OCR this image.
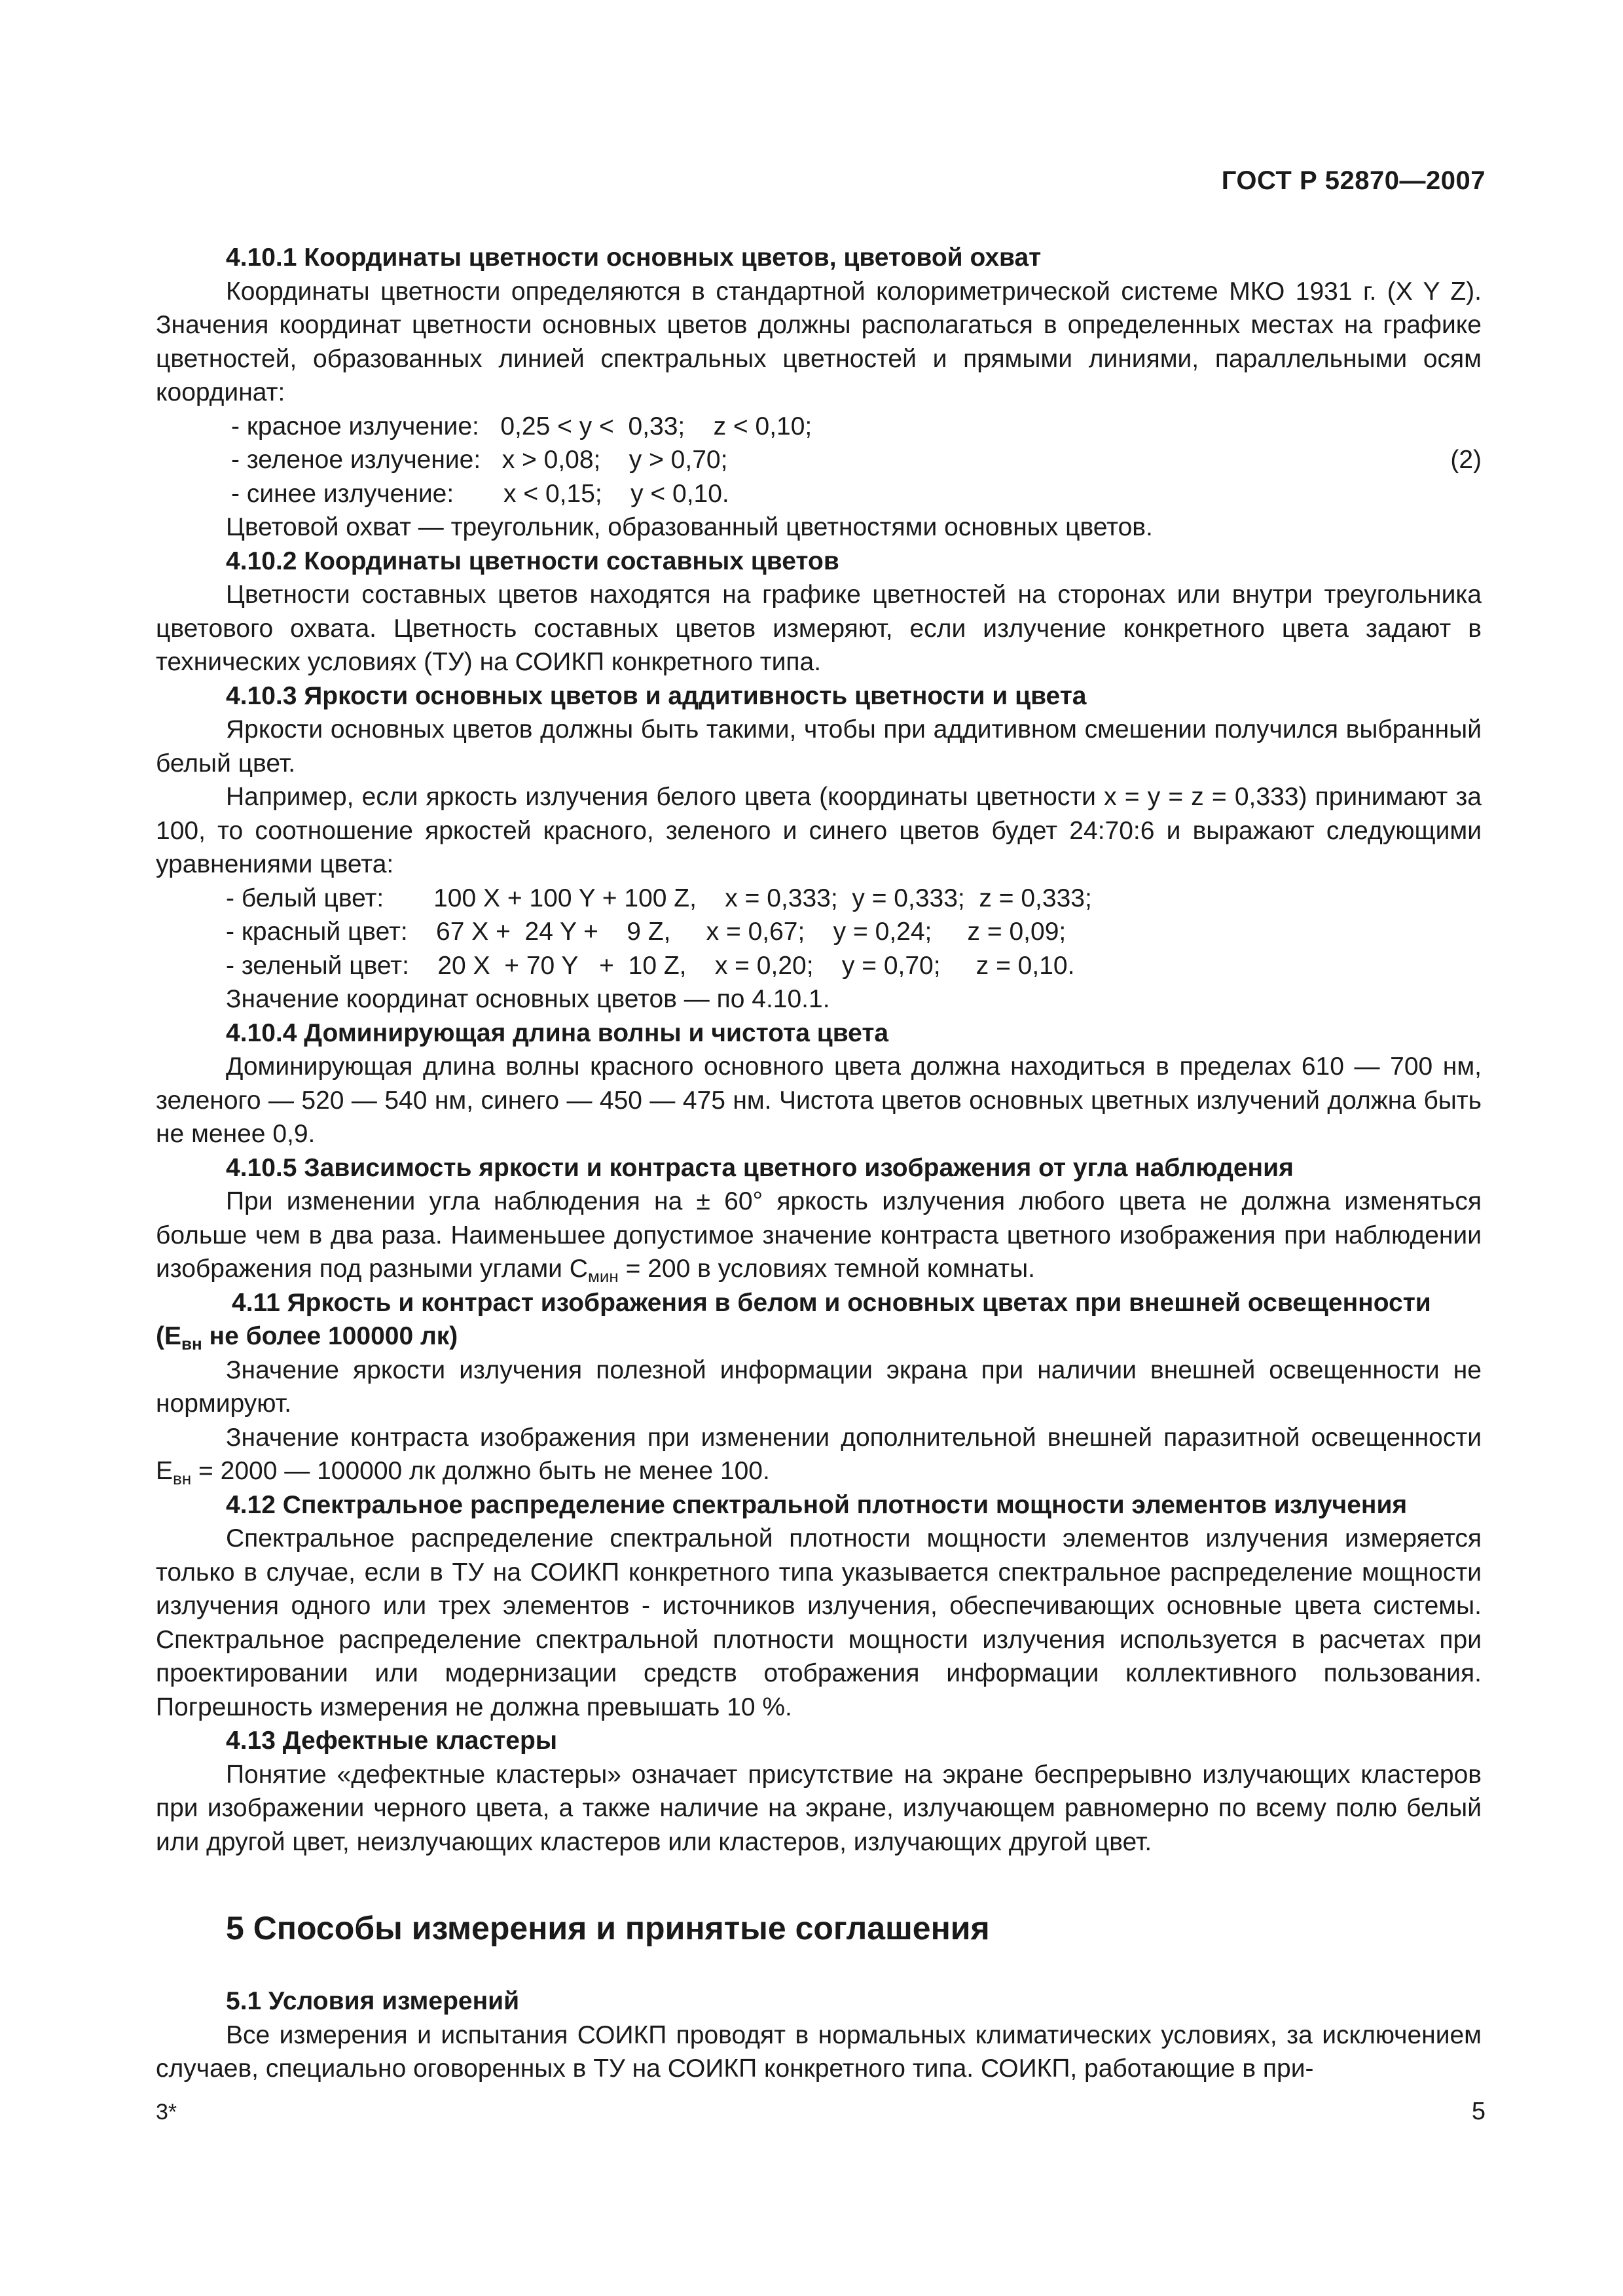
ГОСТ Р 52870—2007

4.10.1 Координаты цветности основных цветов, цветовой охват

Координаты цветности определяются в стандартной колориметрической системе МКО 1931 г. (X Y Z). Значения координат цветности основных цветов должны располагаться в определенных местах на графике цветностей, образованных линией спектральных цветностей и прямыми линиями, параллельными осям координат:

- красное излучение:   0,25 < y <  0,33;    z < 0,10;

- зеленое излучение:   x > 0,08;    y > 0,70;	(2)

- синее излучение:       x < 0,15;    y < 0,10.

Цветовой охват — треугольник, образованный цветностями основных цветов.

4.10.2 Координаты цветности составных цветов

Цветности составных цветов находятся на графике цветностей на сторонах или внутри треугольника цветового охвата. Цветность составных цветов измеряют, если излучение конкретного цвета задают в технических условиях (ТУ) на СОИКП конкретного типа.

4.10.3 Яркости основных цветов и аддитивность цветности и цвета

Яркости основных цветов должны быть такими, чтобы при аддитивном смешении получился выбранный белый цвет.

Например, если яркость излучения белого цвета (координаты цветности x = y = z = 0,333) принимают за 100, то соотношение яркостей красного, зеленого и синего цветов будет 24:70:6 и выражают следующими уравнениями цвета:

- белый цвет:       100 X + 100 Y + 100 Z,    x = 0,333;  y = 0,333;  z = 0,333;

- красный цвет:    67 X +  24 Y +    9 Z,     x = 0,67;    y = 0,24;     z = 0,09;

- зеленый цвет:    20 X  + 70 Y   +  10 Z,    x = 0,20;    y = 0,70;     z = 0,10.

Значение координат основных цветов — по 4.10.1.

4.10.4 Доминирующая длина волны и чистота цвета

Доминирующая длина волны красного основного цвета должна находиться в пределах 610 — 700 нм, зеленого — 520 — 540 нм, синего — 450 — 475 нм. Чистота цветов основных цветных излучений должна быть не менее 0,9.

4.10.5 Зависимость яркости и контраста цветного изображения от угла наблюдения

При изменении угла наблюдения на ± 60° яркость излучения любого цвета не должна изменяться больше чем в два раза. Наименьшее допустимое значение контраста цветного изображения при наблюдении изображения под разными углами $C_{мин} = 200$ в условиях темной комнаты.

4.11 Яркость и контраст изображения в белом и основных цветах при внешней освещенности ($E_{вн}$ не более 100000 лк)

Значение яркости излучения полезной информации экрана при наличии внешней освещенности не нормируют.

Значение контраста изображения при изменении дополнительной внешней паразитной освещенности $E_{вн} = 2000$ — 100000 лк должно быть не менее 100.

4.12 Спектральное распределение спектральной плотности мощности элементов излучения

Спектральное распределение спектральной плотности мощности элементов излучения измеряется только в случае, если в ТУ на СОИКП конкретного типа указывается спектральное распределение мощности излучения одного или трех элементов - источников излучения, обеспечивающих основные цвета системы. Спектральное распределение спектральной плотности мощности излучения используется в расчетах при проектировании или модернизации средств отображения информации коллективного пользования. Погрешность измерения не должна превышать 10 %.

4.13 Дефектные кластеры

Понятие «дефектные кластеры» означает присутствие на экране беспрерывно излучающих кластеров при изображении черного цвета, а также наличие на экране, излучающем равномерно по всему полю белый или другой цвет, неизлучающих кластеров или кластеров, излучающих другой цвет.

5 Способы измерения и принятые соглашения

5.1 Условия измерений

Все измерения и испытания СОИКП проводят в нормальных климатических условиях, за исключением случаев, специально оговоренных в ТУ на СОИКП конкретного типа. СОИКП, работающие в при-

3*	5
